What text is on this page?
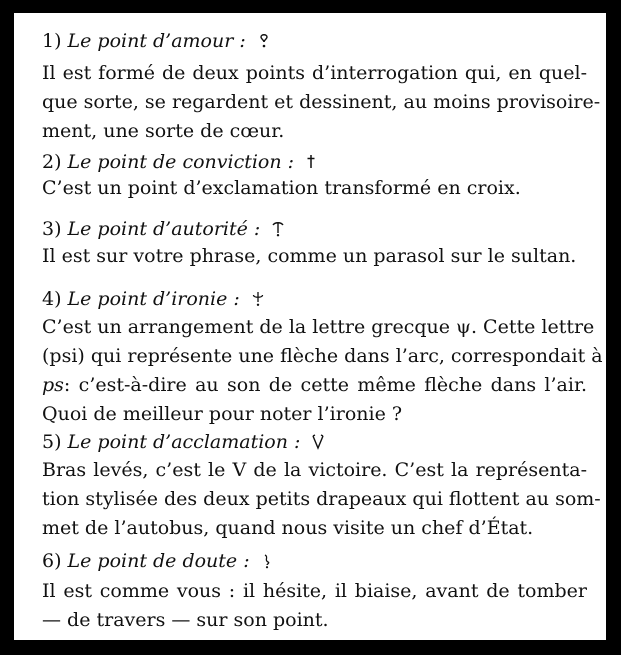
1) Le point d’amour :
Il est formé de deux points d’interrogation qui, en quel-
que sorte, se regardent et dessinent, au moins provisoire-
ment, une sorte de cœur.
2) Le point de conviction :
C’est un point d’exclamation transformé en croix.
3) Le point d’autorité :
Il est sur votre phrase, comme un parasol sur le sultan.
4) Le point d’ironie :
C’est un arrangement de la lettre grecque ψ. Cette lettre
(psi) qui représente une flèche dans l’arc, correspondait à
ps: c’est-à-dire au son de cette même flèche dans l’air.
Quoi de meilleur pour noter l’ironie ?
5) Le point d’acclamation :
Bras levés, c’est le V de la victoire. C’est la représenta-
tion stylisée des deux petits drapeaux qui flottent au som-
met de l’autobus, quand nous visite un chef d’État.
6) Le point de doute :
Il est comme vous : il hésite, il biaise, avant de tomber
— de travers — sur son point.
